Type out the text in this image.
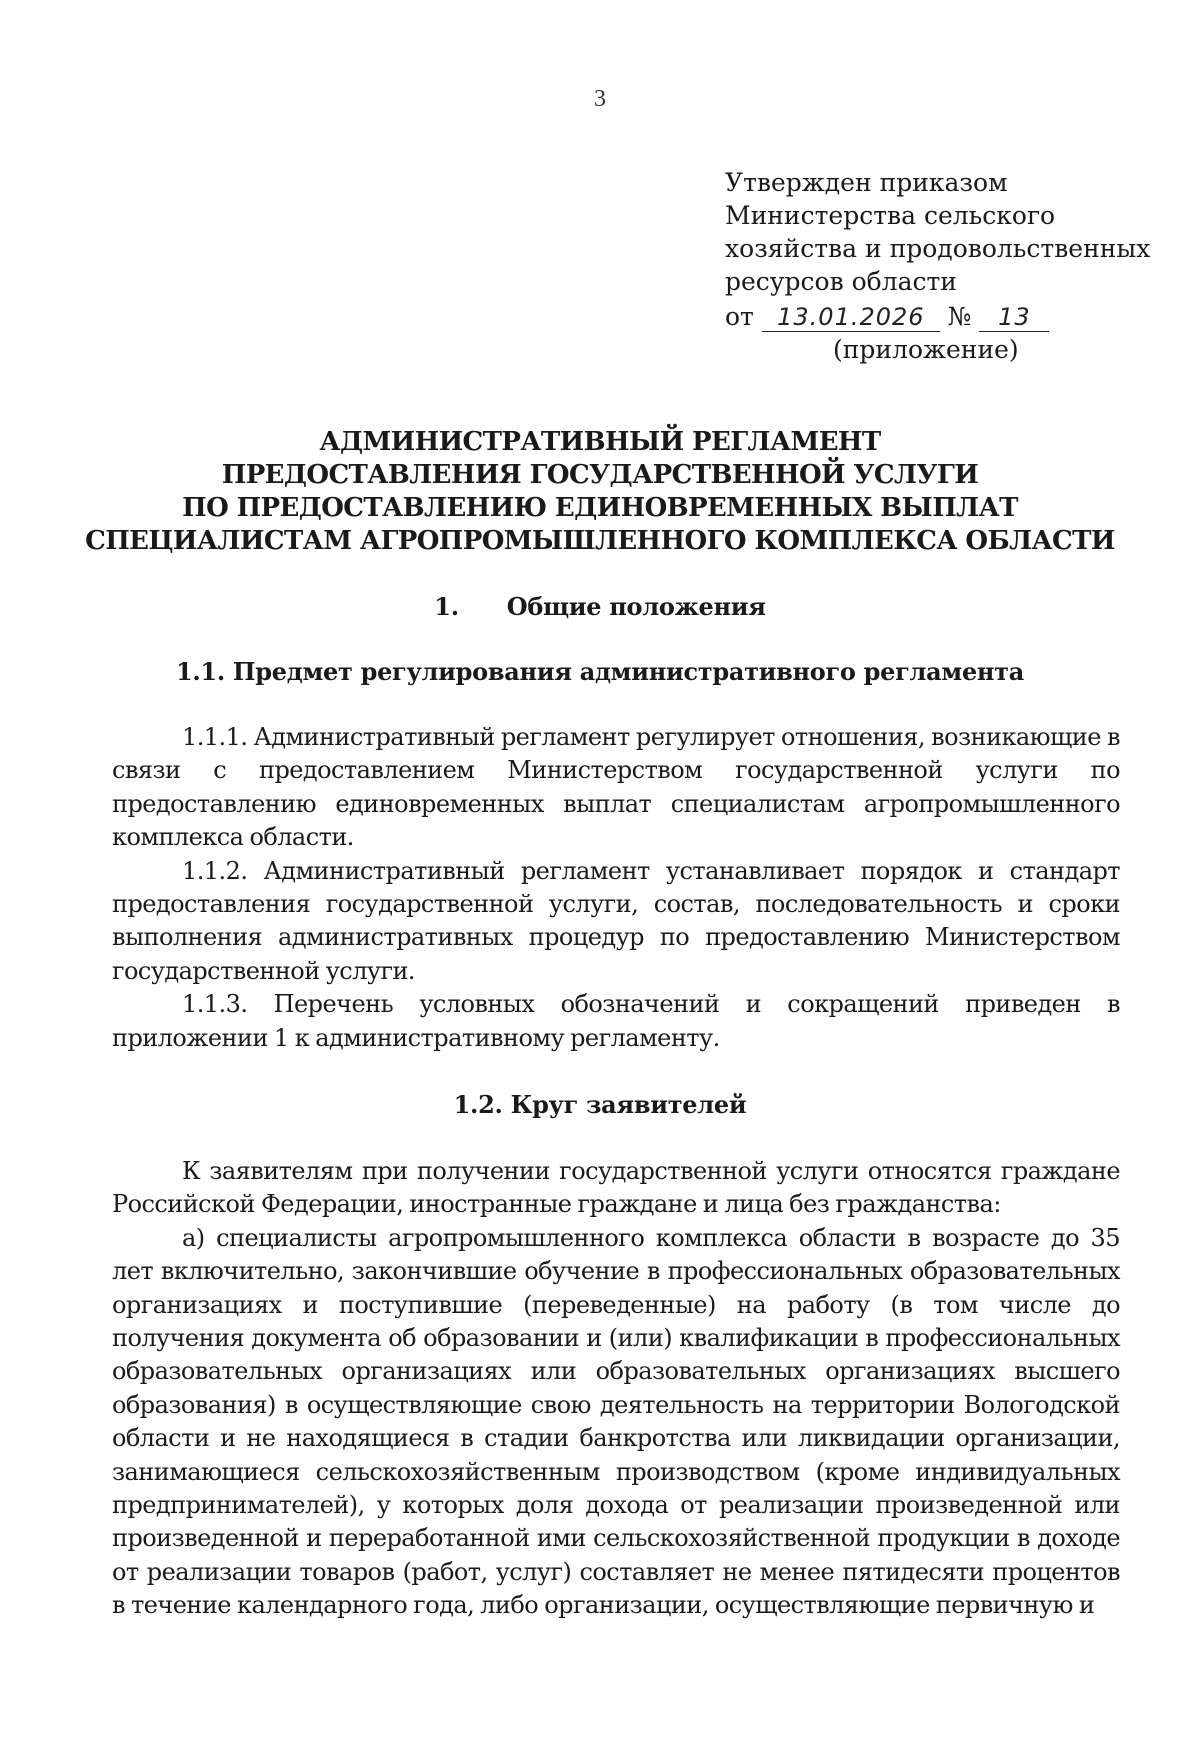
3
Утвержден приказом
Министерства сельского
хозяйства и продовольственных
ресурсов области
от 13.01.2026 № 13
(приложение)
АДМИНИСТРАТИВНЫЙ РЕГЛАМЕНТ
ПРЕДОСТАВЛЕНИЯ ГОСУДАРСТВЕННОЙ УСЛУГИ
ПО ПРЕДОСТАВЛЕНИЮ ЕДИНОВРЕМЕННЫХ ВЫПЛАТ
СПЕЦИАЛИСТАМ АГРОПРОМЫШЛЕННОГО КОМПЛЕКСА ОБЛАСТИ
1. Общие положения
1.1. Предмет регулирования административного регламента

1.1.1. Административный регламент регулирует отношения, возникающие в связи с предоставлением Министерством государственной услуги по предоставлению единовременных выплат специалистам агропромышленного комплекса области.

1.1.2. Административный регламент устанавливает порядок и стандарт предоставления государственной услуги, состав, последовательность и сроки выполнения административных процедур по предоставлению Министерством государственной услуги.

1.1.3. Перечень условных обозначений и сокращений приведен в приложении 1 к административному регламенту.

1.2. Круг заявителей

К заявителям при получении государственной услуги относятся граждане Российской Федерации, иностранные граждане и лица без гражданства:

а) специалисты агропромышленного комплекса области в возрасте до 35 лет включительно, закончившие обучение в профессиональных образовательных организациях и поступившие (переведенные) на работу (в том числе до получения документа об образовании и (или) квалификации в профессиональных образовательных организациях или образовательных организациях высшего образования) в осуществляющие свою деятельность на территории Вологодской области и не находящиеся в стадии банкротства или ликвидации организации, занимающиеся сельскохозяйственным производством (кроме индивидуальных предпринимателей), у которых доля дохода от реализации произведенной или произведенной и переработанной ими сельскохозяйственной продукции в доходе от реализации товаров (работ, услуг) составляет не менее пятидесяти процентов в течение календарного года, либо организации, осуществляющие первичную и
